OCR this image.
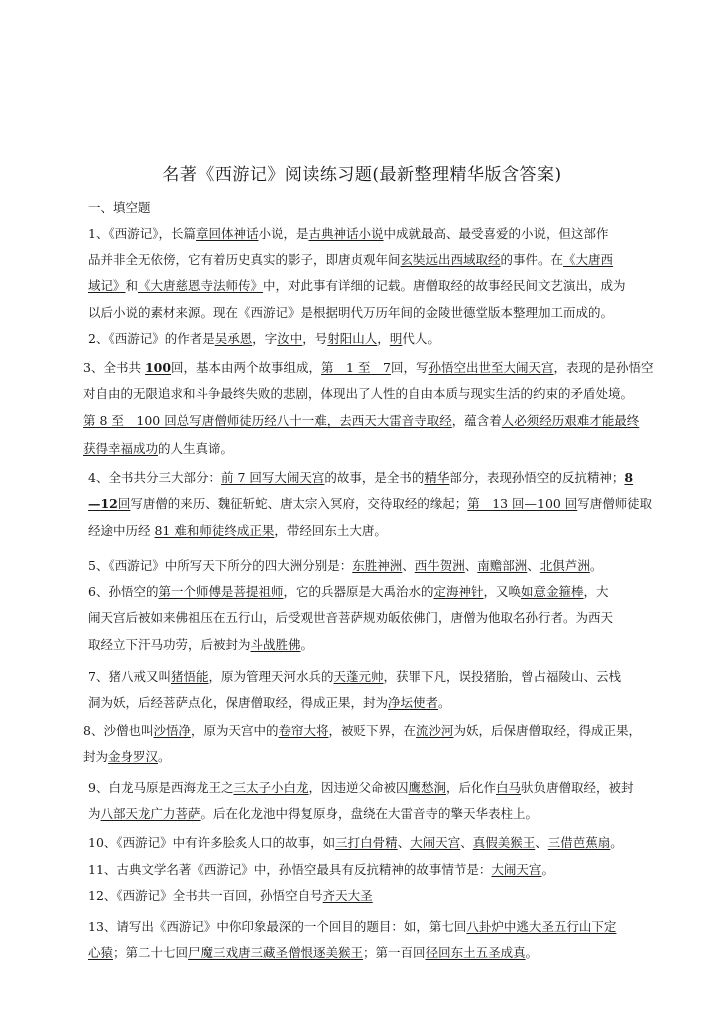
名著《西游记》阅读练习题(最新整理精华版含答案)
一、填空题
1、《西游记》，长篇章回体神话小说，是古典神话小说中成就最高、最受喜爱的小说，但这部作
品并非全无依傍，它有着历史真实的影子，即唐贞观年间玄奘远出西域取经的事件。在《大唐西
域记》和《大唐慈恩寺法师传》中，对此事有详细的记载。唐僧取经的故事经民间文艺演出，成为
以后小说的素材来源。现在《西游记》是根据明代万历年间的金陵世德堂版本整理加工而成的。
2、《西游记》的作者是吴承恩，字汝中，号射阳山人，明代人。
3、全书共 100回，基本由两个故事组成，第　1 至　7回，写孙悟空出世至大闹天宫，表现的是孙悟空
对自由的无限追求和斗争最终失败的悲剧，体现出了人性的自由本质与现实生活的约束的矛盾处境。
第 8 至　100 回总写唐僧师徒历经八十一难，去西天大雷音寺取经，蕴含着人必须经历艰难才能最终
获得幸福成功的人生真谛。
4、全书共分三大部分：前 7 回写大闹天宫的故事，是全书的精华部分，表现孙悟空的反抗精神；8
—12回写唐僧的来历、魏征斩蛇、唐太宗入冥府，交待取经的缘起；第　13 回—100 回写唐僧师徒取
经途中历经 81 难和师徒终成正果，带经回东土大唐。
5、《西游记》中所写天下所分的四大洲分别是：东胜神洲、西牛贺洲、南赡部洲、北俱芦洲。
6、孙悟空的第一个师傅是菩提祖师，它的兵器原是大禹治水的定海神针，又唤如意金箍棒，大
闹天宫后被如来佛祖压在五行山，后受观世音菩萨规劝皈依佛门，唐僧为他取名孙行者。为西天
取经立下汗马功劳，后被封为斗战胜佛。
7、猪八戒又叫猪悟能，原为管理天河水兵的天蓬元帅，获罪下凡，误投猪胎，曾占福陵山、云栈
洞为妖，后经菩萨点化，保唐僧取经，得成正果，封为净坛使者。
8、沙僧也叫沙悟净，原为天宫中的卷帘大将，被贬下界，在流沙河为妖，后保唐僧取经，得成正果，
封为金身罗汉。
9、白龙马原是西海龙王之三太子小白龙，因违逆父命被囚鹰愁涧，后化作白马驮负唐僧取经，被封
为八部天龙广力菩萨。后在化龙池中得复原身，盘绕在大雷音寺的擎天华表柱上。
10、《西游记》中有许多脍炙人口的故事，如三打白骨精、大闹天宫、真假美猴王、三借芭蕉扇。
11、古典文学名著《西游记》中，孙悟空最具有反抗精神的故事情节是：大闹天宫。
12、《西游记》全书共一百回，孙悟空自号齐天大圣
13、请写出《西游记》中你印象最深的一个回目的题目：如，第七回八卦炉中逃大圣五行山下定
心猿；第二十七回尸魔三戏唐三藏圣僧恨逐美猴王；第一百回径回东土五圣成真。
